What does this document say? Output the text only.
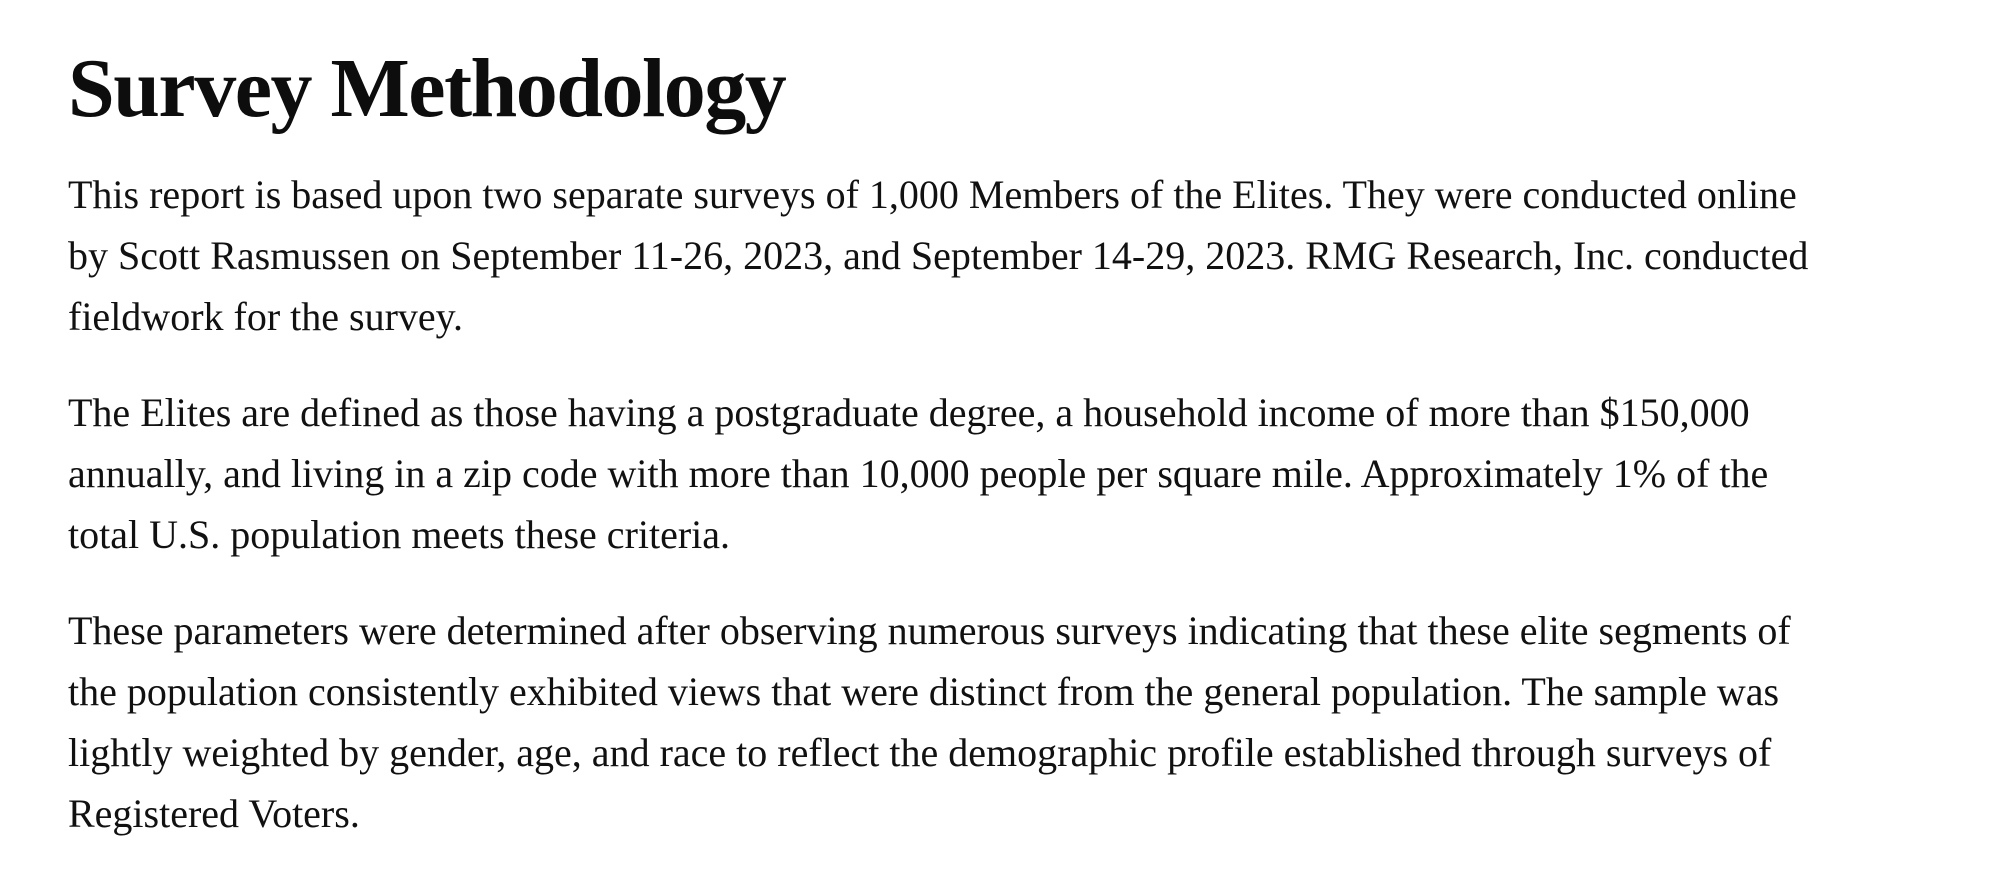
Survey Methodology

This report is based upon two separate surveys of 1,000 Members of the Elites. They were conducted online
by Scott Rasmussen on September 11-26, 2023, and September 14-29, 2023. RMG Research, Inc. conducted
fieldwork for the survey.

The Elites are defined as those having a postgraduate degree, a household income of more than $150,000
annually, and living in a zip code with more than 10,000 people per square mile. Approximately 1% of the
total U.S. population meets these criteria.

These parameters were determined after observing numerous surveys indicating that these elite segments of
the population consistently exhibited views that were distinct from the general population. The sample was
lightly weighted by gender, age, and race to reflect the demographic profile established through surveys of
Registered Voters.
